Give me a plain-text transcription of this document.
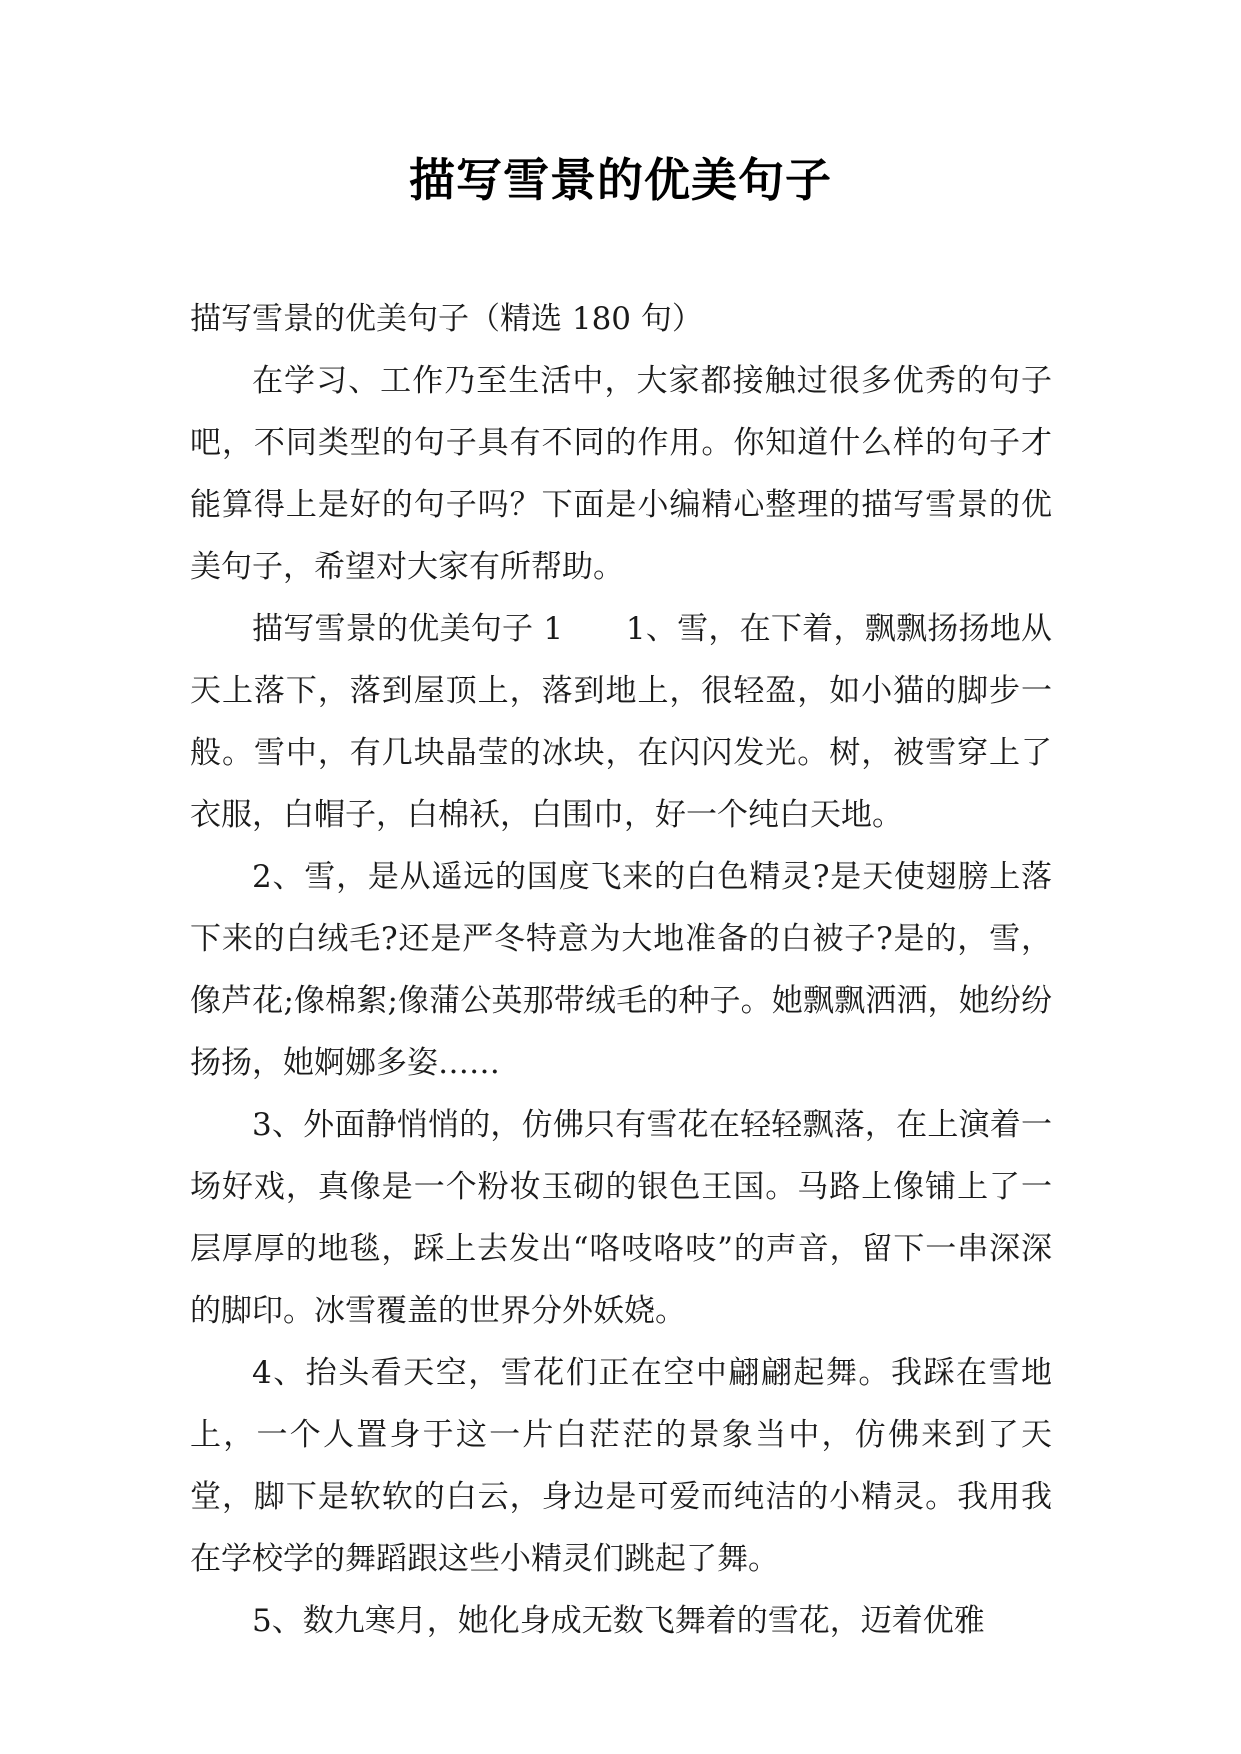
描写雪景的优美句子

描写雪景的优美句子（精选 180 句）

在学习、工作乃至生活中，大家都接触过很多优秀的句子吧，不同类型的句子具有不同的作用。你知道什么样的句子才能算得上是好的句子吗？下面是小编精心整理的描写雪景的优美句子，希望对大家有所帮助。

描写雪景的优美句子 1　　1、雪，在下着，飘飘扬扬地从天上落下，落到屋顶上，落到地上，很轻盈，如小猫的脚步一般。雪中，有几块晶莹的冰块，在闪闪发光。树，被雪穿上了衣服，白帽子，白棉袄，白围巾，好一个纯白天地。

2、雪，是从遥远的国度飞来的白色精灵?是天使翅膀上落下来的白绒毛?还是严冬特意为大地准备的白被子?是的，雪，像芦花;像棉絮;像蒲公英那带绒毛的种子。她飘飘洒洒，她纷纷扬扬，她婀娜多姿……

3、外面静悄悄的，仿佛只有雪花在轻轻飘落，在上演着一场好戏，真像是一个粉妆玉砌的银色王国。马路上像铺上了一层厚厚的地毯，踩上去发出“咯吱咯吱”的声音，留下一串深深的脚印。冰雪覆盖的世界分外妖娆。

4、抬头看天空，雪花们正在空中翩翩起舞。我踩在雪地上，一个人置身于这一片白茫茫的景象当中，仿佛来到了天堂，脚下是软软的白云，身边是可爱而纯洁的小精灵。我用我在学校学的舞蹈跟这些小精灵们跳起了舞。

5、数九寒月，她化身成无数飞舞着的雪花，迈着优雅
